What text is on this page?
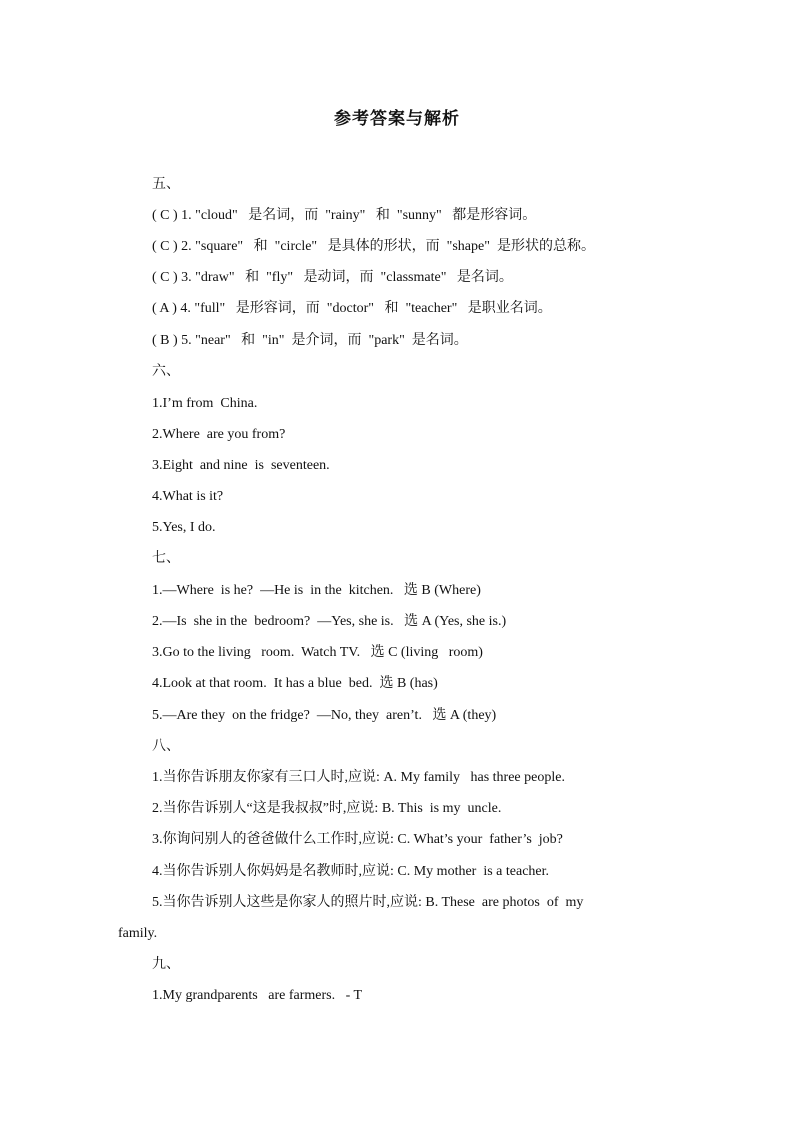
参考答案与解析
五、
( C ) 1. "cloud"   是名词，而  "rainy"   和  "sunny"   都是形容词。
( C ) 2. "square"   和  "circle"   是具体的形状，而  "shape"  是形状的总称。
( C ) 3. "draw"   和  "fly"   是动词，而  "classmate"   是名词。
( A ) 4. "full"   是形容词，而  "doctor"   和  "teacher"   是职业名词。
( B ) 5. "near"   和  "in"  是介词，而  "park"  是名词。
六、
1.I’m from  China.
2.Where  are you from?
3.Eight  and nine  is  seventeen.
4.What is it?
5.Yes, I do.
七、
1.—Where  is he?  —He is  in the  kitchen.   选 B (Where)
2.—Is  she in the  bedroom?  —Yes, she is.   选 A (Yes, she is.)
3.Go to the living   room.  Watch TV.   选 C (living   room)
4.Look at that room.  It has a blue  bed.  选 B (has)
5.—Are they  on the fridge?  —No, they  aren’t.   选 A (they)
八、
1.当你告诉朋友你家有三口人时,应说: A. My family   has three people.
2.当你告诉别人“这是我叔叔”时,应说: B. This  is my  uncle.
3.你询问别人的爸爸做什么工作时,应说: C. What’s your  father’s  job?
4.当你告诉别人你妈妈是名教师时,应说: C. My mother  is a teacher.
5.当你告诉别人这些是你家人的照片时,应说: B. These  are photos  of  my
family.
九、
1.My grandparents   are farmers.   - T
